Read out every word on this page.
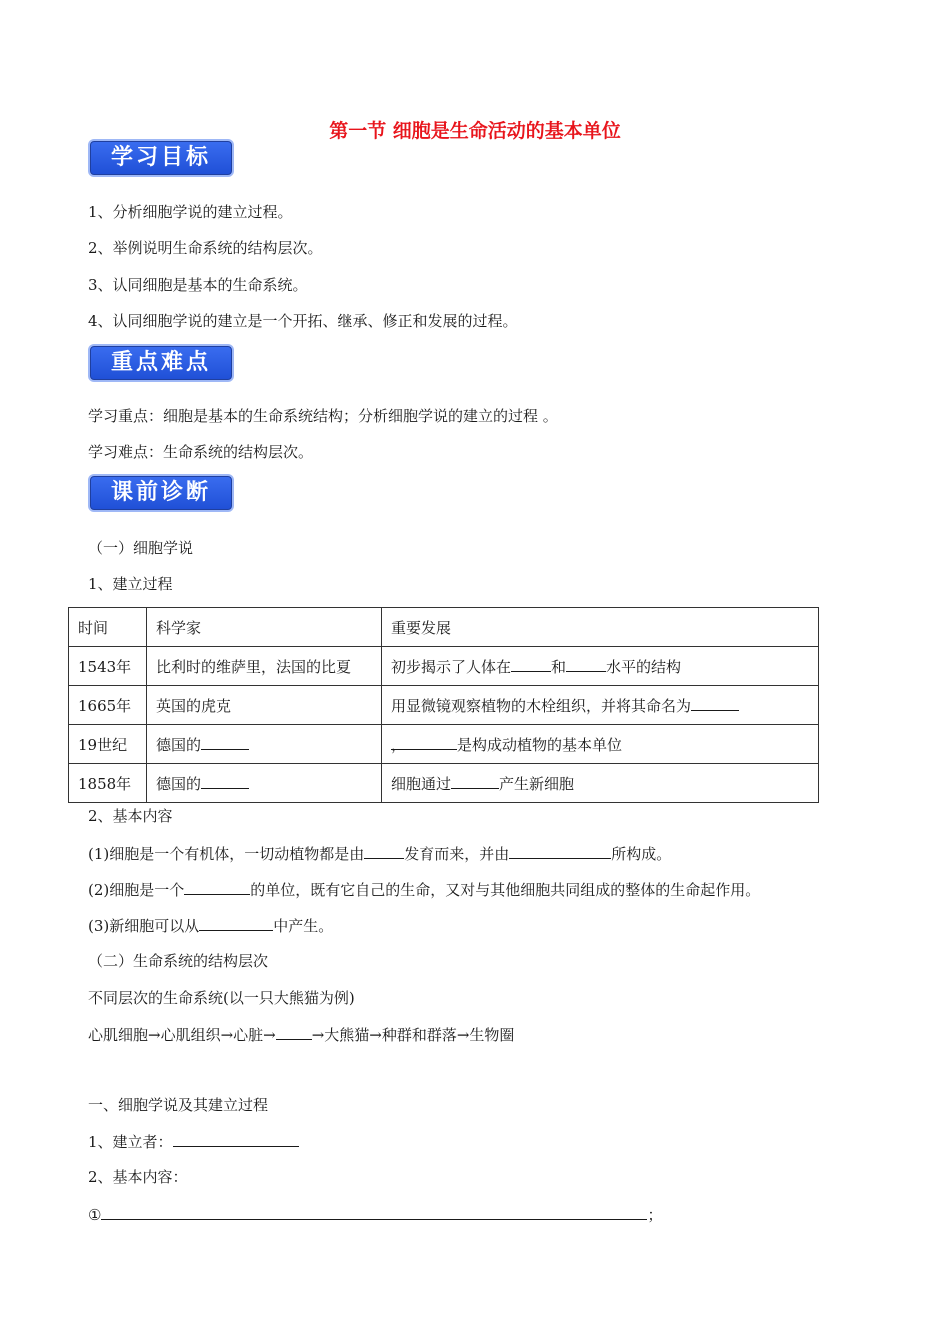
第一节 细胞是生命活动的基本单位
学习目标
1、分析细胞学说的建立过程。
2、举例说明生命系统的结构层次。
3、认同细胞是基本的生命系统。
4、认同细胞学说的建立是一个开拓、继承、修正和发展的过程。
重点难点
学习重点：细胞是基本的生命系统结构；分析细胞学说的建立的过程 。
学习难点：生命系统的结构层次。
课前诊断
（一）细胞学说
1、建立过程
时间	科学家	重要发展
1543年	比利时的维萨里，法国的比夏	初步揭示了人体在 和 水平的结构
1665年	英国的虎克	用显微镜观察植物的木栓组织，并将其命名为
19世纪	德国的	， 是构成动植物的基本单位
1858年	德国的	细胞通过 产生新细胞
2、基本内容
(1)细胞是一个有机体，一切动植物都是由	发育而来，并由	所构成。
(2)细胞是一个	的单位，既有它自己的生命，又对与其他细胞共同组成的整体的生命起作用。
(3)新细胞可以从	中产生。
（二）生命系统的结构层次
不同层次的生命系统(以一只大熊猫为例)
心肌细胞→心肌组织→心脏→ →大熊猫→种群和群落→生物圈
一、细胞学说及其建立过程
1、建立者：
2、基本内容：
①	；
